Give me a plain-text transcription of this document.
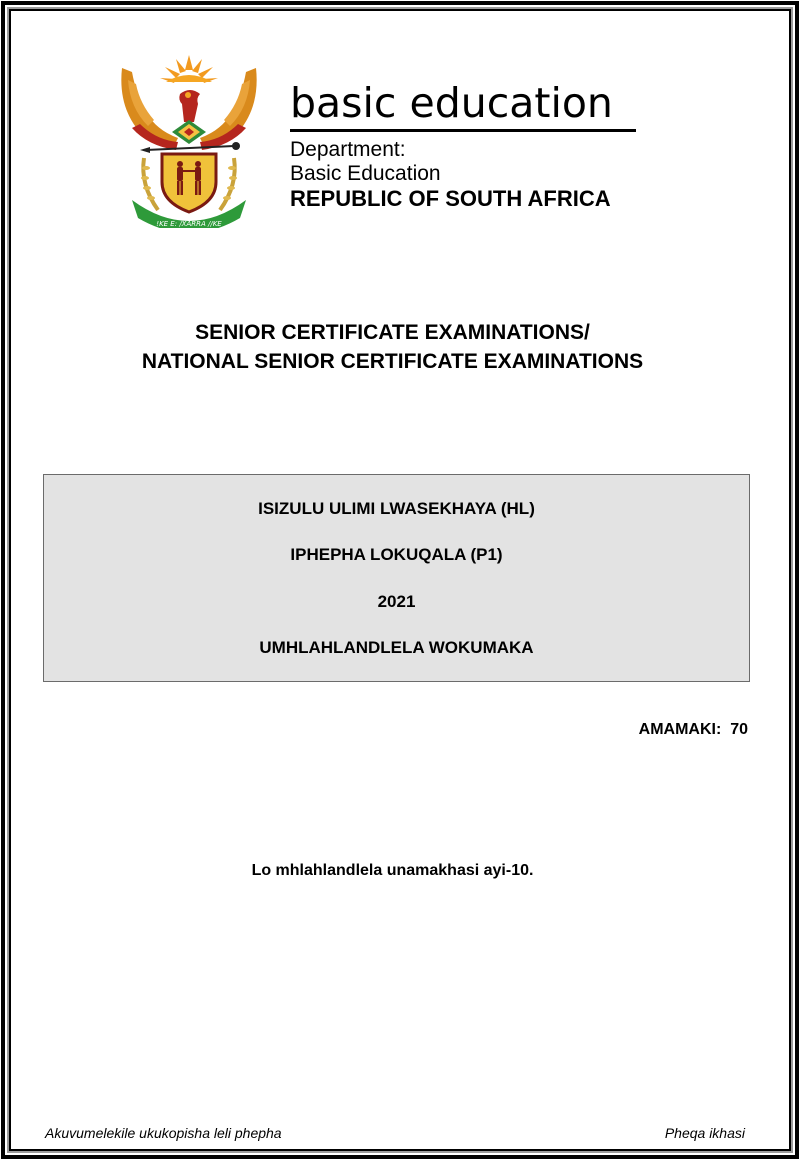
!KE E: /XARRA //KE
basic education
Department:
Basic Education
REPUBLIC OF SOUTH AFRICA
SENIOR CERTIFICATE EXAMINATIONS/
NATIONAL SENIOR CERTIFICATE EXAMINATIONS
ISIZULU ULIMI LWASEKHAYA (HL)
IPHEPHA LOKUQALA (P1)
2021
UMHLAHLANDLELA WOKUMAKA
AMAMAKI: 70
Lo mhlahlandlela unamakhasi ayi-10.
Akuvumelekile ukukopisha leli phepha	Pheqa ikhasi
